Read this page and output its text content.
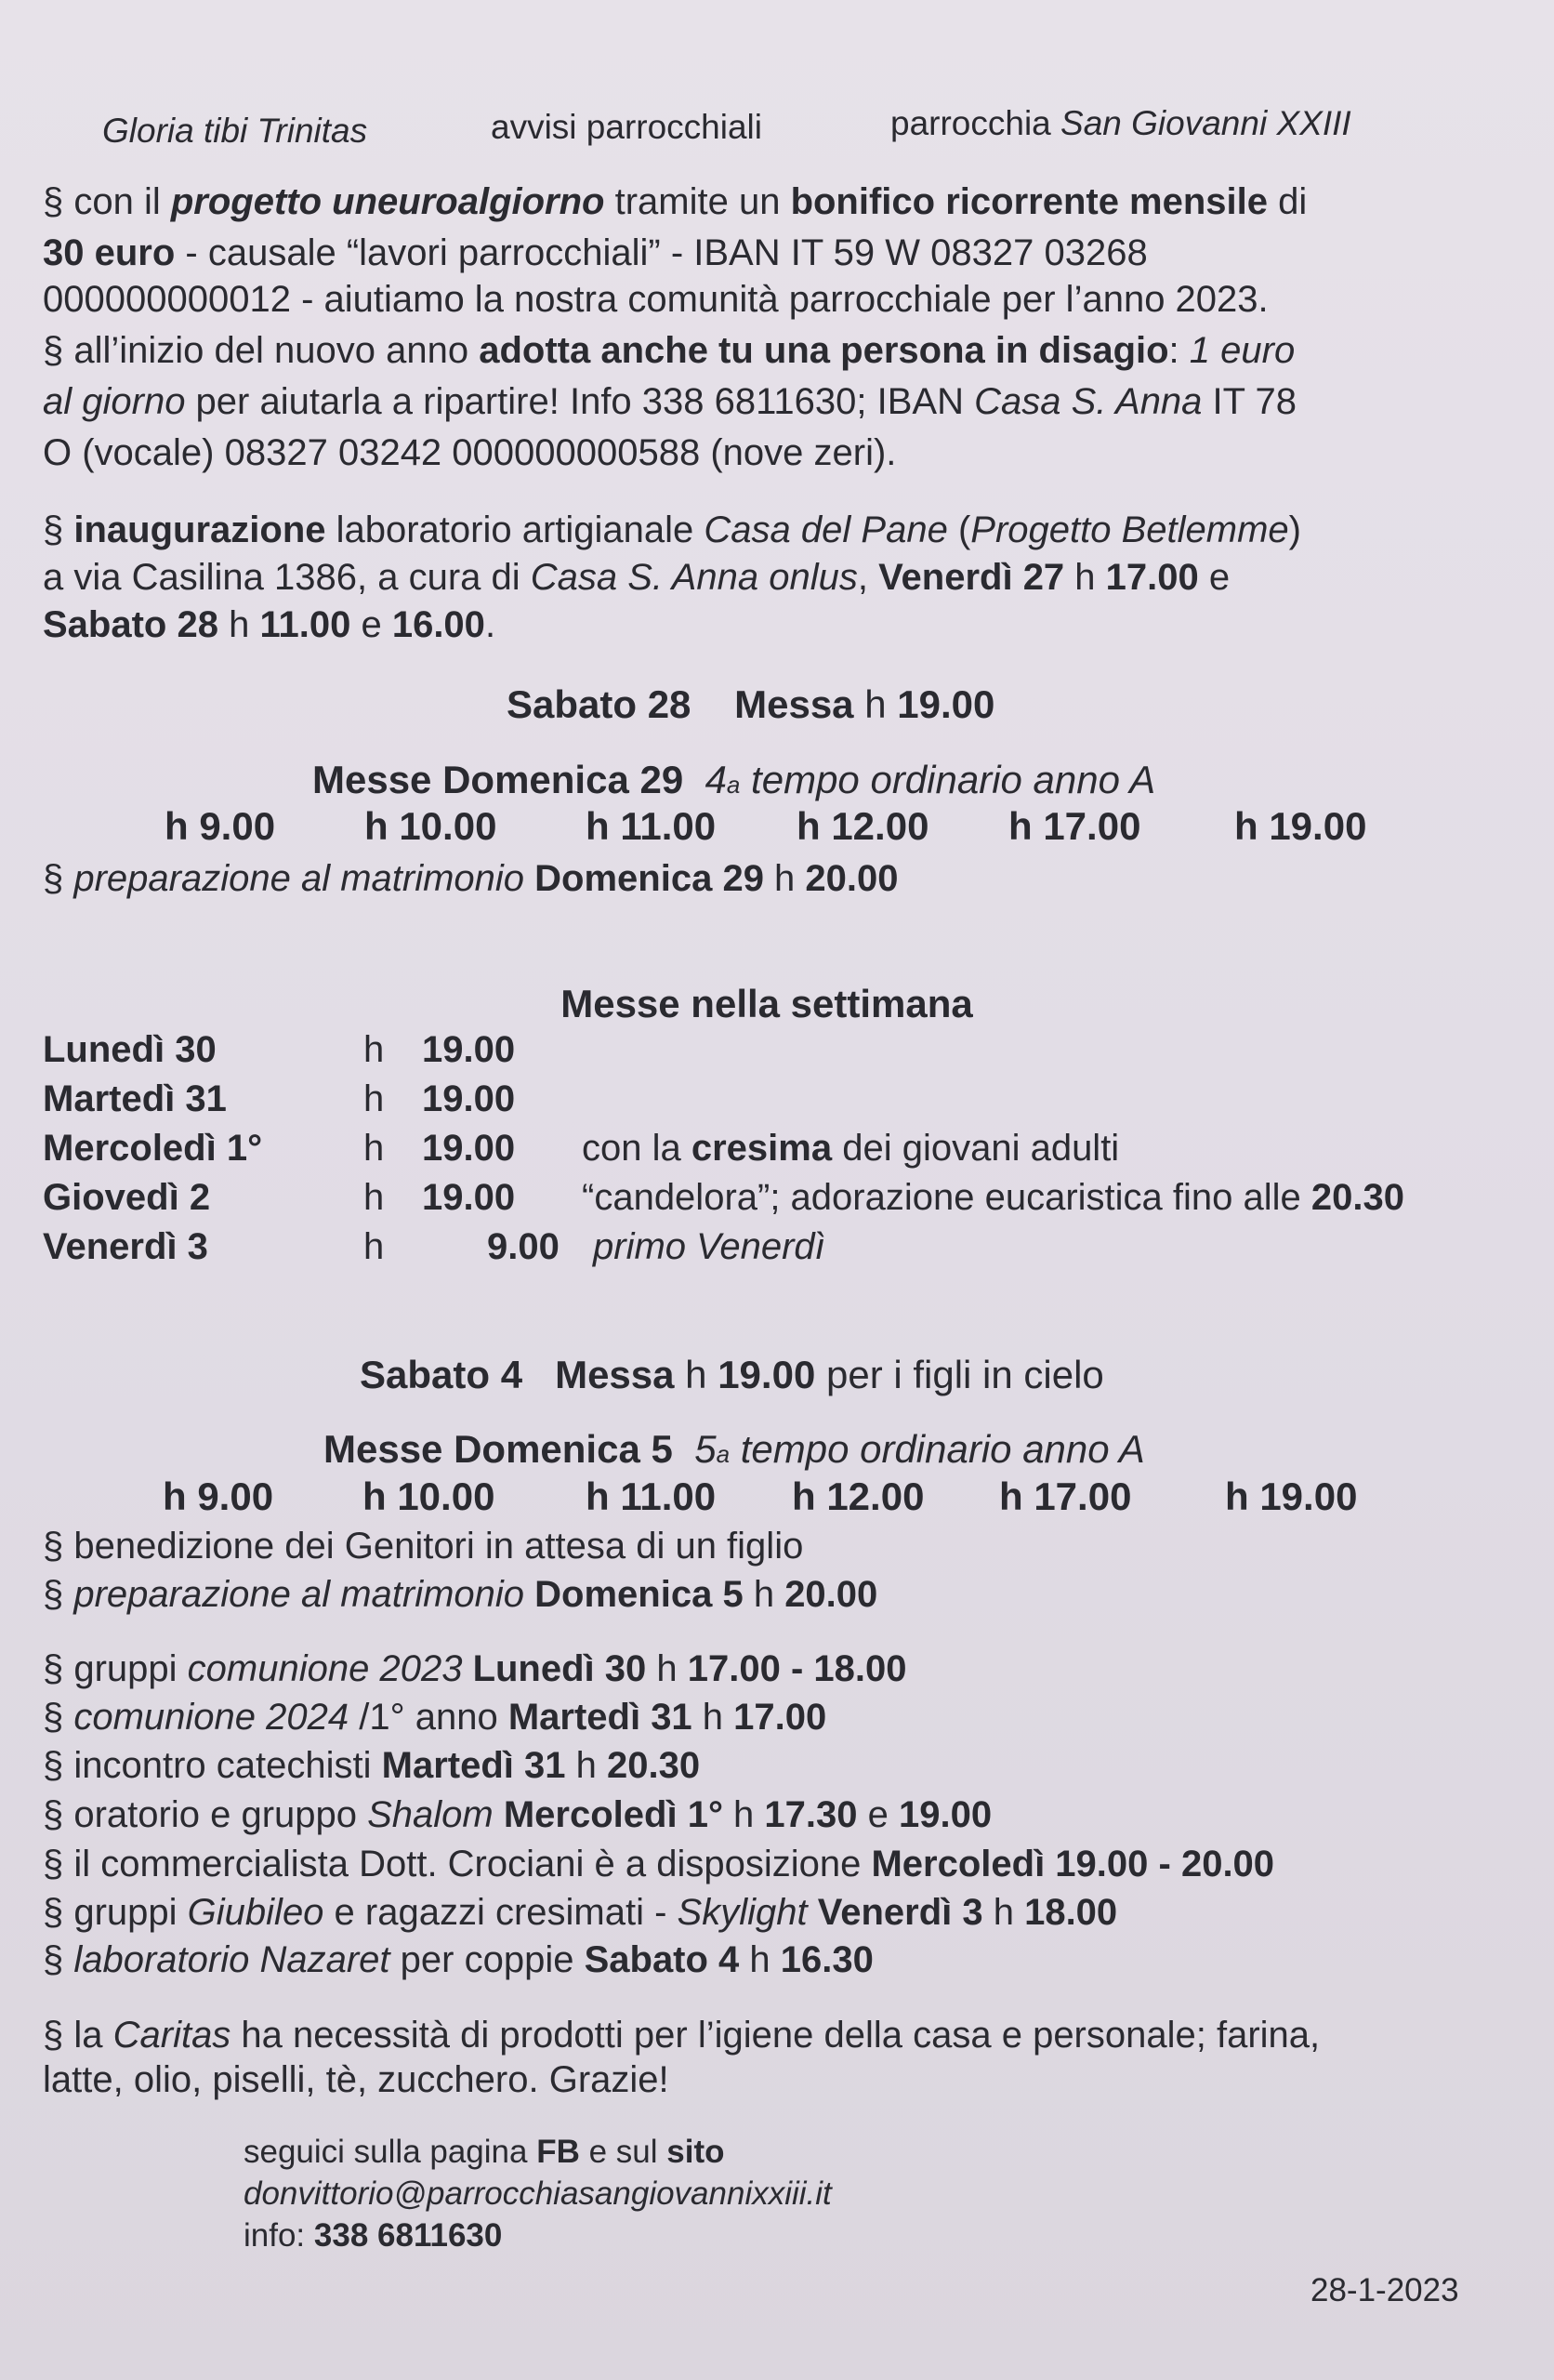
Gloria tibi Trinitas	avvisi parrocchiali	parrocchia San Giovanni XXIII
§ con il progetto uneuroalgiorno tramite un bonifico ricorrente mensile di
30 euro - causale “lavori parrocchiali” - IBAN IT 59 W 08327 03268
000000000012 - aiutiamo la nostra comunità parrocchiale per l’anno 2023.
§ all’inizio del nuovo anno adotta anche tu una persona in disagio: 1 euro
al giorno per aiutarla a ripartire! Info 338 6811630; IBAN Casa S. Anna IT 78
O (vocale) 08327 03242 000000000588 (nove zeri).
§ inaugurazione laboratorio artigianale Casa del Pane (Progetto Betlemme)
a via Casilina 1386, a cura di Casa S. Anna onlus, Venerdì 27 h 17.00 e
Sabato 28 h 11.00 e 16.00.
Sabato 28 Messa h 19.00
Messe Domenica 29 4a tempo ordinario anno A
h 9.00 h 10.00 h 11.00 h 12.00 h 17.00 h 19.00
§ preparazione al matrimonio Domenica 29 h 20.00
Messe nella settimana
Lunedì 30	h 19.00
Martedì 31	h 19.00
Mercoledì 1°	h 19.00 con la cresima dei giovani adulti
Giovedì 2	h 19.00 “candelora”; adorazione eucaristica fino alle 20.30
Venerdì 3	h	9.00 primo Venerdì
Sabato 4 Messa h 19.00 per i figli in cielo
Messe Domenica 5 5a tempo ordinario anno A
h 9.00 h 10.00 h 11.00 h 12.00 h 17.00 h 19.00
§ benedizione dei Genitori in attesa di un figlio
§ preparazione al matrimonio Domenica 5 h 20.00
§ gruppi comunione 2023 Lunedì 30 h 17.00 - 18.00
§ comunione 2024 /1° anno Martedì 31 h 17.00
§ incontro catechisti Martedì 31 h 20.30
§ oratorio e gruppo Shalom Mercoledì 1° h 17.30 e 19.00
§ il commercialista Dott. Crociani è a disposizione Mercoledì 19.00 - 20.00
§ gruppi Giubileo e ragazzi cresimati - Skylight Venerdì 3 h 18.00
§ laboratorio Nazaret per coppie Sabato 4 h 16.30
§ la Caritas ha necessità di prodotti per l’igiene della casa e personale; farina,
latte, olio, piselli, tè, zucchero. Grazie!
seguici sulla pagina FB e sul sito
donvittorio@parrocchiasangiovannixxiii.it
info: 338 6811630
28-1-2023
